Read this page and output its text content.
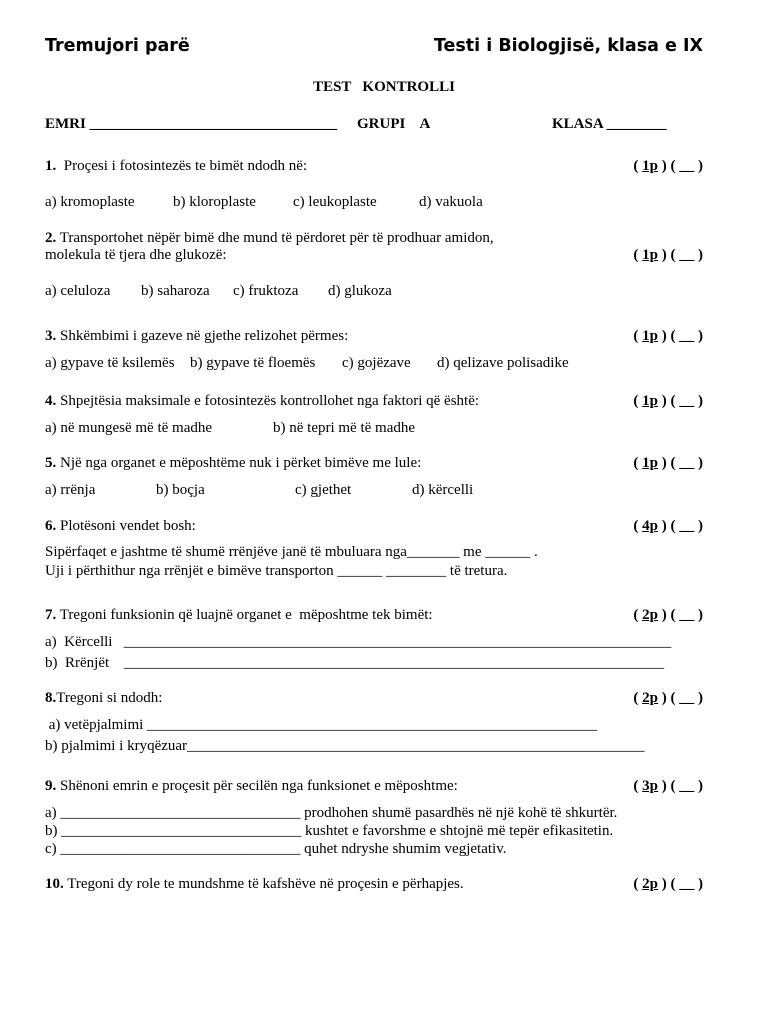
Tremujori parë	Testi i Biologjisë, klasa e IX
TEST   KONTROLLI
EMRI _________________________________ GRUPI    A	KLASA ________
1.  Proçesi i fotosintezës te bimët ndodh në:	( 1p ) ( __ )
a) kromoplaste	b) kloroplaste c) leukoplaste	d) vakuola
2. Transportohet nëpër bimë dhe mund të përdoret për të prodhuar amidon,
molekula të tjera dhe glukozë:	( 1p ) ( __ )
a) celuloza b) saharoza c) fruktoza d) glukoza
3. Shkëmbimi i gazeve në gjethe relizohet përmes:	( 1p ) ( __ )
a) gypave të ksilemës b) gypave të floemës c) gojëzave d) qelizave polisadike
4. Shpejtësia maksimale e fotosintezës kontrollohet nga faktori që është:	( 1p ) ( __ )
a) në mungesë më të madhe	b) në tepri më të madhe
5. Një nga organet e mëposhtëme nuk i përket bimëve me lule:	( 1p ) ( __ )
a) rrënja	b) boçja	c) gjethet	d) kërcelli
6. Plotësoni vendet bosh:	( 4p ) ( __ )
Sipërfaqet e jashtme të shumë rrënjëve janë të mbuluara nga_______ me ______ .
Uji i përthithur nga rrënjët e bimëve transporton ______ ________ të tretura.
7. Tregoni funksionin që luajnë organet e  mëposhtme tek bimët:	( 2p ) ( __ )
a)  Kërcelli   _________________________________________________________________________
b)  Rrënjët    ________________________________________________________________________
8.Tregoni si ndodh:	( 2p ) ( __ )
a) vetëpjalmimi ____________________________________________________________
b) pjalmimi i kryqëzuar_____________________________________________________________
9. Shënoni emrin e proçesit për secilën nga funksionet e mëposhtme:	( 3p ) ( __ )
a) ________________________________ prodhohen shumë pasardhës në një kohë të shkurtër.
b) ________________________________ kushtet e favorshme e shtojnë më tepër efikasitetin.
c) ________________________________ quhet ndryshe shumim vegjetativ.
10. Tregoni dy role te mundshme të kafshëve në proçesin e përhapjes.	( 2p ) ( __ )
